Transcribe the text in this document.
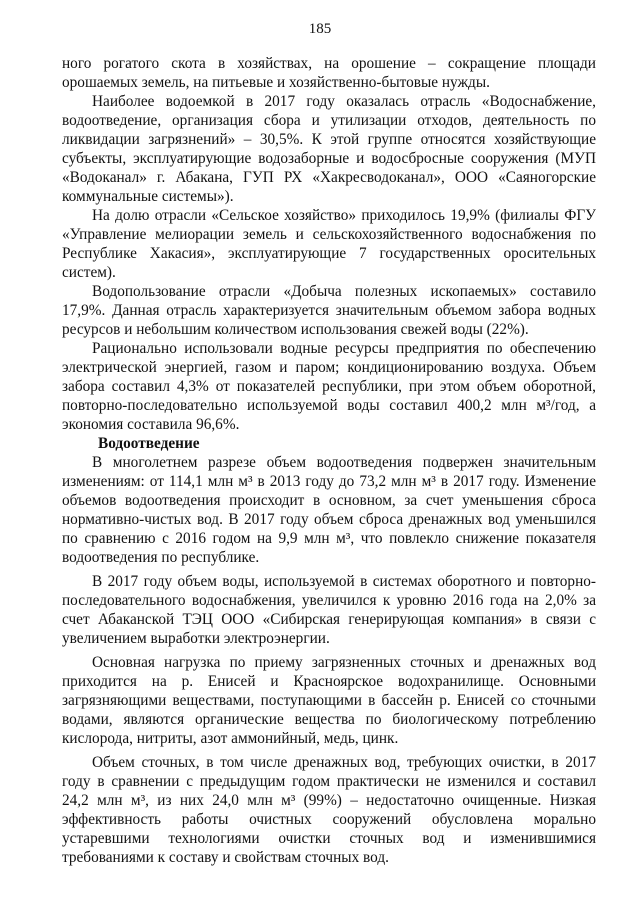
185

ного рогатого скота в хозяйствах, на орошение – сокращение площади орошаемых земель, на питьевые и хозяйственно-бытовые нужды.

Наиболее водоемкой в 2017 году оказалась отрасль «Водоснабжение, водоотведение, организация сбора и утилизации отходов, деятельность по ликвидации загрязнений» – 30,5%. К этой группе относятся хозяйствующие субъекты, эксплуатирующие водозаборные и водосбросные сооружения (МУП «Водоканал» г. Абакана, ГУП РХ «Хакресводоканал», ООО «Саяногорские коммунальные системы»).

На долю отрасли «Сельское хозяйство» приходилось 19,9% (филиалы ФГУ «Управление мелиорации земель и сельскохозяйственного водоснабжения по Республике Хакасия», эксплуатирующие 7 государственных оросительных систем).

Водопользование отрасли «Добыча полезных ископаемых» составило 17,9%. Данная отрасль характеризуется значительным объемом забора водных ресурсов и небольшим количеством использования свежей воды (22%).

Рационально использовали водные ресурсы предприятия по обеспечению электрической энергией, газом и паром; кондиционированию воздуха. Объем забора составил 4,3% от показателей республики, при этом объем оборотной, повторно-последовательно используемой воды составил 400,2 млн м³/год, а экономия составила 96,6%.

Водоотведение

В многолетнем разрезе объем водоотведения подвержен значительным изменениям: от 114,1 млн м³ в 2013 году до 73,2 млн м³ в 2017 году. Изменение объемов водоотведения происходит в основном, за счет уменьшения сброса нормативно-чистых вод. В 2017 году объем сброса дренажных вод уменьшился по сравнению с 2016 годом на 9,9 млн м³, что повлекло снижение показателя водоотведения по республике.

В 2017 году объем воды, используемой в системах оборотного и повторно-последовательного водоснабжения, увеличился к уровню 2016 года на 2,0% за счет Абаканской ТЭЦ ООО «Сибирская генерирующая компания» в связи с увеличением выработки электроэнергии.

Основная нагрузка по приему загрязненных сточных и дренажных вод приходится на р. Енисей и Красноярское водохранилище. Основными загрязняющими веществами, поступающими в бассейн р. Енисей со сточными водами, являются органические вещества по биологическому потреблению кислорода, нитриты, азот аммонийный, медь, цинк.

Объем сточных, в том числе дренажных вод, требующих очистки, в 2017 году в сравнении с предыдущим годом практически не изменился и составил 24,2 млн м³, из них 24,0 млн м³ (99%) – недостаточно очищенные. Низкая эффективность работы очистных сооружений обусловлена морально устаревшими технологиями очистки сточных вод и изменившимися требованиями к составу и свойствам сточных вод.
